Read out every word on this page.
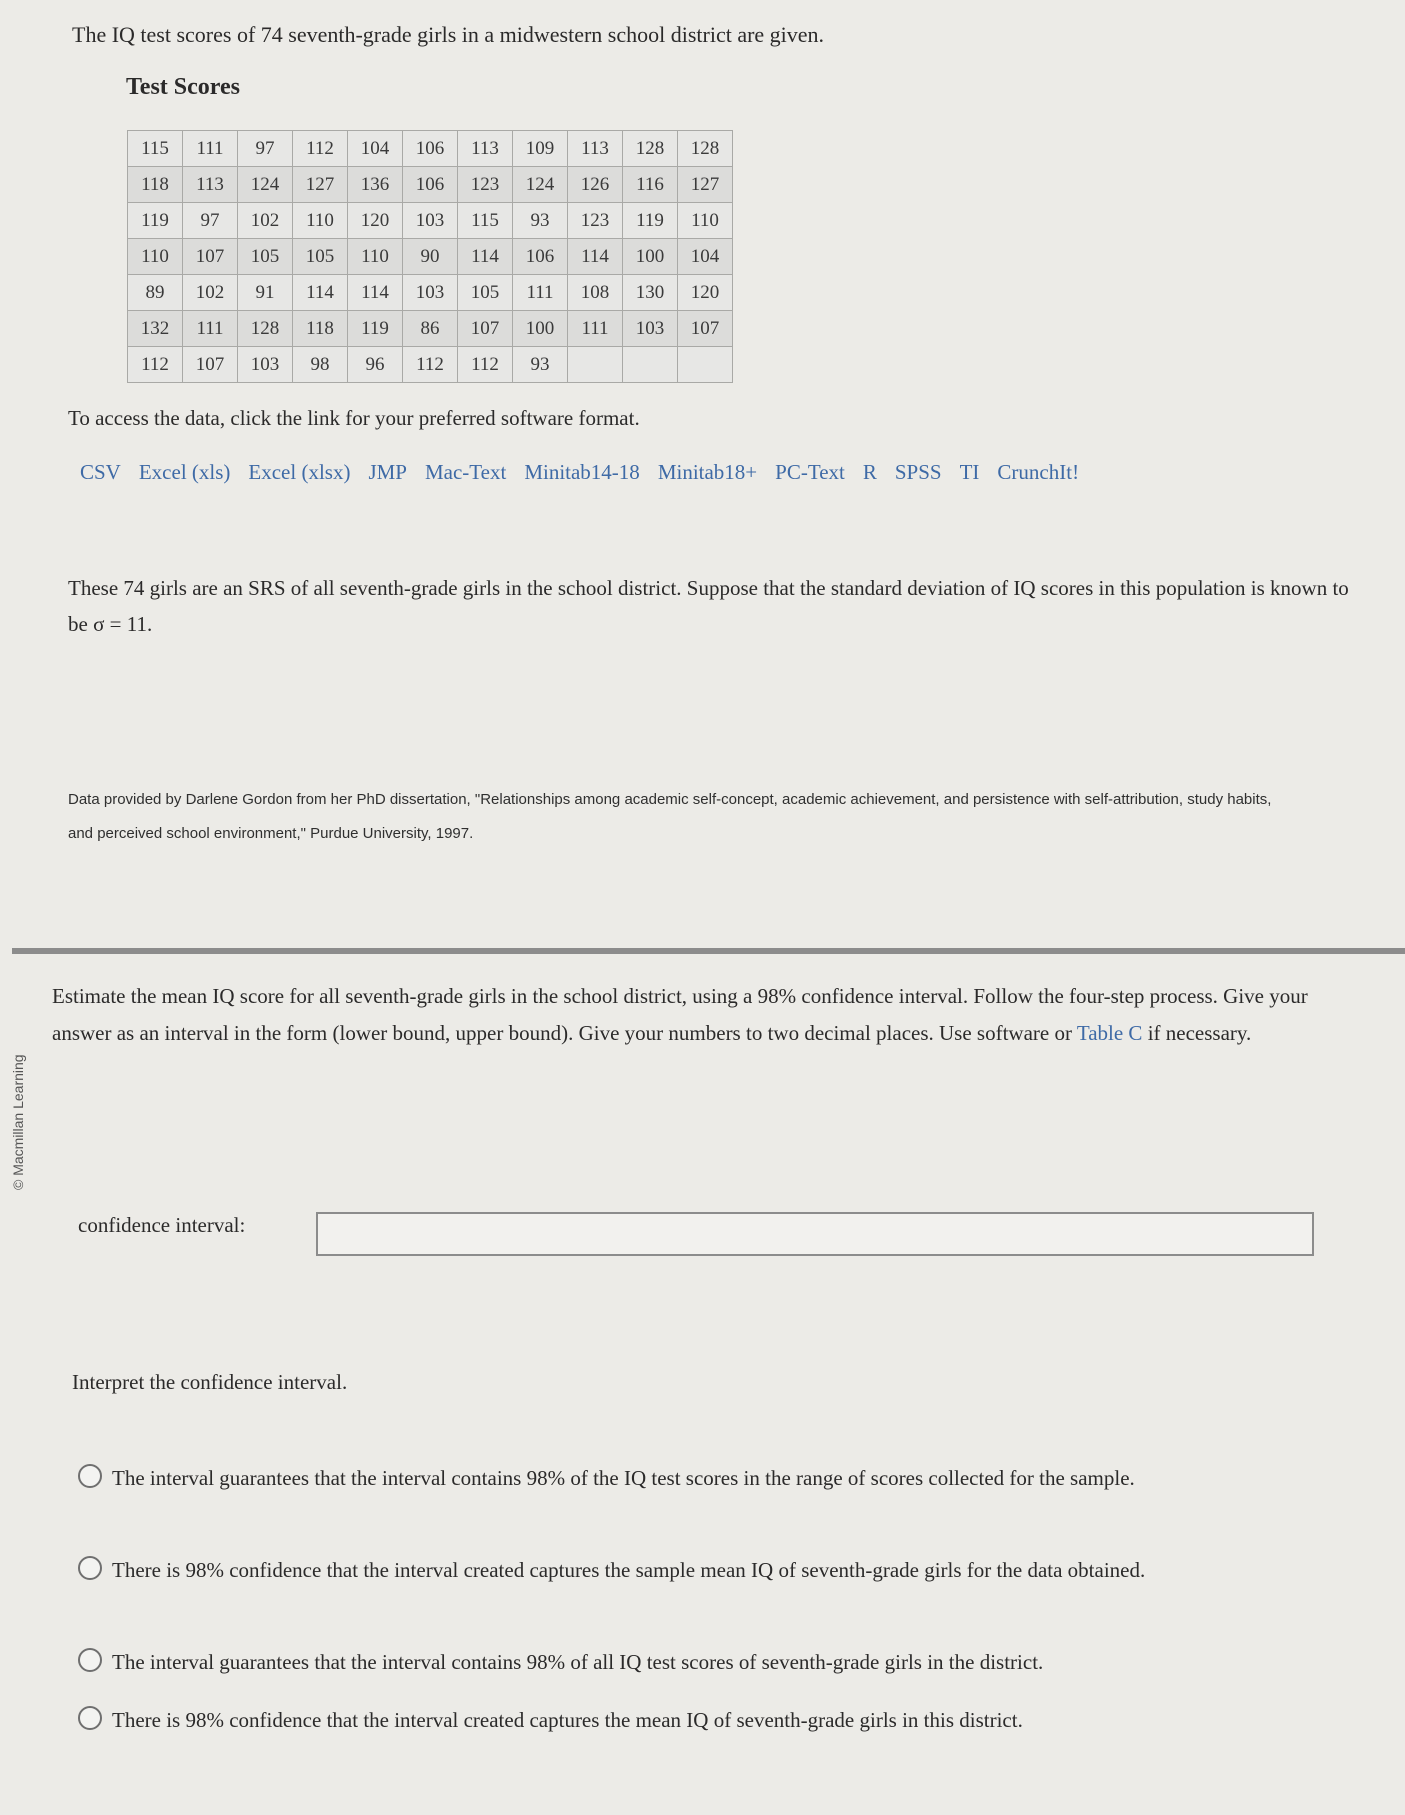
The IQ test scores of 74 seventh-grade girls in a midwestern school district are given.
Test Scores
115	111	97	112	104	106	113	109	113	128	128
118	113	124	127	136	106	123	124	126	116	127
119	97	102	110	120	103	115	93	123	119	110
110	107	105	105	110	90	114	106	114	100	104
89	102	91	114	114	103	105	111	108	130	120
132	111	128	118	119	86	107	100	111	103	107
112	107	103	98	96	112	112	93			
To access the data, click the link for your preferred software format.
CSV Excel (xls) Excel (xlsx) JMP Mac-Text Minitab14-18 Minitab18+ PC-Text R SPSS TI CrunchIt!
These 74 girls are an SRS of all seventh-grade girls in the school district. Suppose that the standard deviation of IQ scores in this population is known to be σ = 11.
Data provided by Darlene Gordon from her PhD dissertation, "Relationships among academic self-concept, academic achievement, and persistence with self-attribution, study habits, and perceived school environment," Purdue University, 1997.
© Macmillan Learning
Estimate the mean IQ score for all seventh-grade girls in the school district, using a 98% confidence interval. Follow the four-step process. Give your answer as an interval in the form (lower bound, upper bound). Give your numbers to two decimal places. Use software or Table C if necessary.
confidence interval:
Interpret the confidence interval.
The interval guarantees that the interval contains 98% of the IQ test scores in the range of scores collected for the sample.
There is 98% confidence that the interval created captures the sample mean IQ of seventh-grade girls for the data obtained.
The interval guarantees that the interval contains 98% of all IQ test scores of seventh-grade girls in the district.
There is 98% confidence that the interval created captures the mean IQ of seventh-grade girls in this district.
